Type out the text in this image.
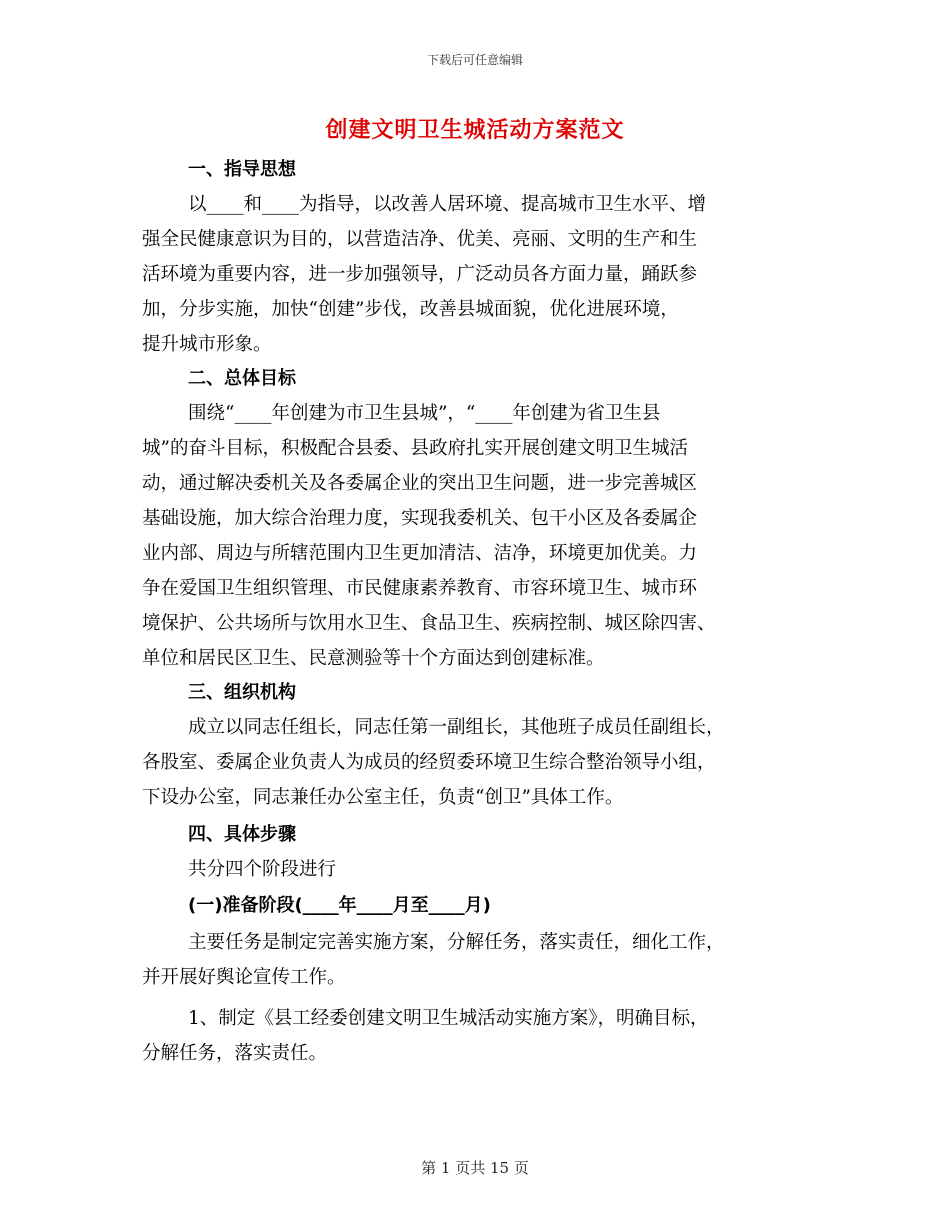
下载后可任意编辑
创建文明卫生城活动方案范文
一、指导思想
以____和____为指导，以改善人居环境、提高城市卫生水平、增
强全民健康意识为目的，以营造洁净、优美、亮丽、文明的生产和生
活环境为重要内容，进一步加强领导，广泛动员各方面力量，踊跃参
加，分步实施，加快“创建”步伐，改善县城面貌，优化进展环境，
提升城市形象。
二、总体目标
围绕“____年创建为市卫生县城”，“____年创建为省卫生县
城”的奋斗目标，积极配合县委、县政府扎实开展创建文明卫生城活
动，通过解决委机关及各委属企业的突出卫生问题，进一步完善城区
基础设施，加大综合治理力度，实现我委机关、包干小区及各委属企
业内部、周边与所辖范围内卫生更加清洁、洁净，环境更加优美。力
争在爱国卫生组织管理、市民健康素养教育、市容环境卫生、城市环
境保护、公共场所与饮用水卫生、食品卫生、疾病控制、城区除四害、
单位和居民区卫生、民意测验等十个方面达到创建标准。
三、组织机构
成立以同志任组长，同志任第一副组长，其他班子成员任副组长，
各股室、委属企业负责人为成员的经贸委环境卫生综合整治领导小组，
下设办公室，同志兼任办公室主任，负责“创卫”具体工作。
四、具体步骤
共分四个阶段进行
(一)准备阶段(____年____月至____月)
主要任务是制定完善实施方案，分解任务，落实责任，细化工作，
并开展好舆论宣传工作。
1、制定《县工经委创建文明卫生城活动实施方案》，明确目标，
分解任务，落实责任。
第 1 页共 15 页
